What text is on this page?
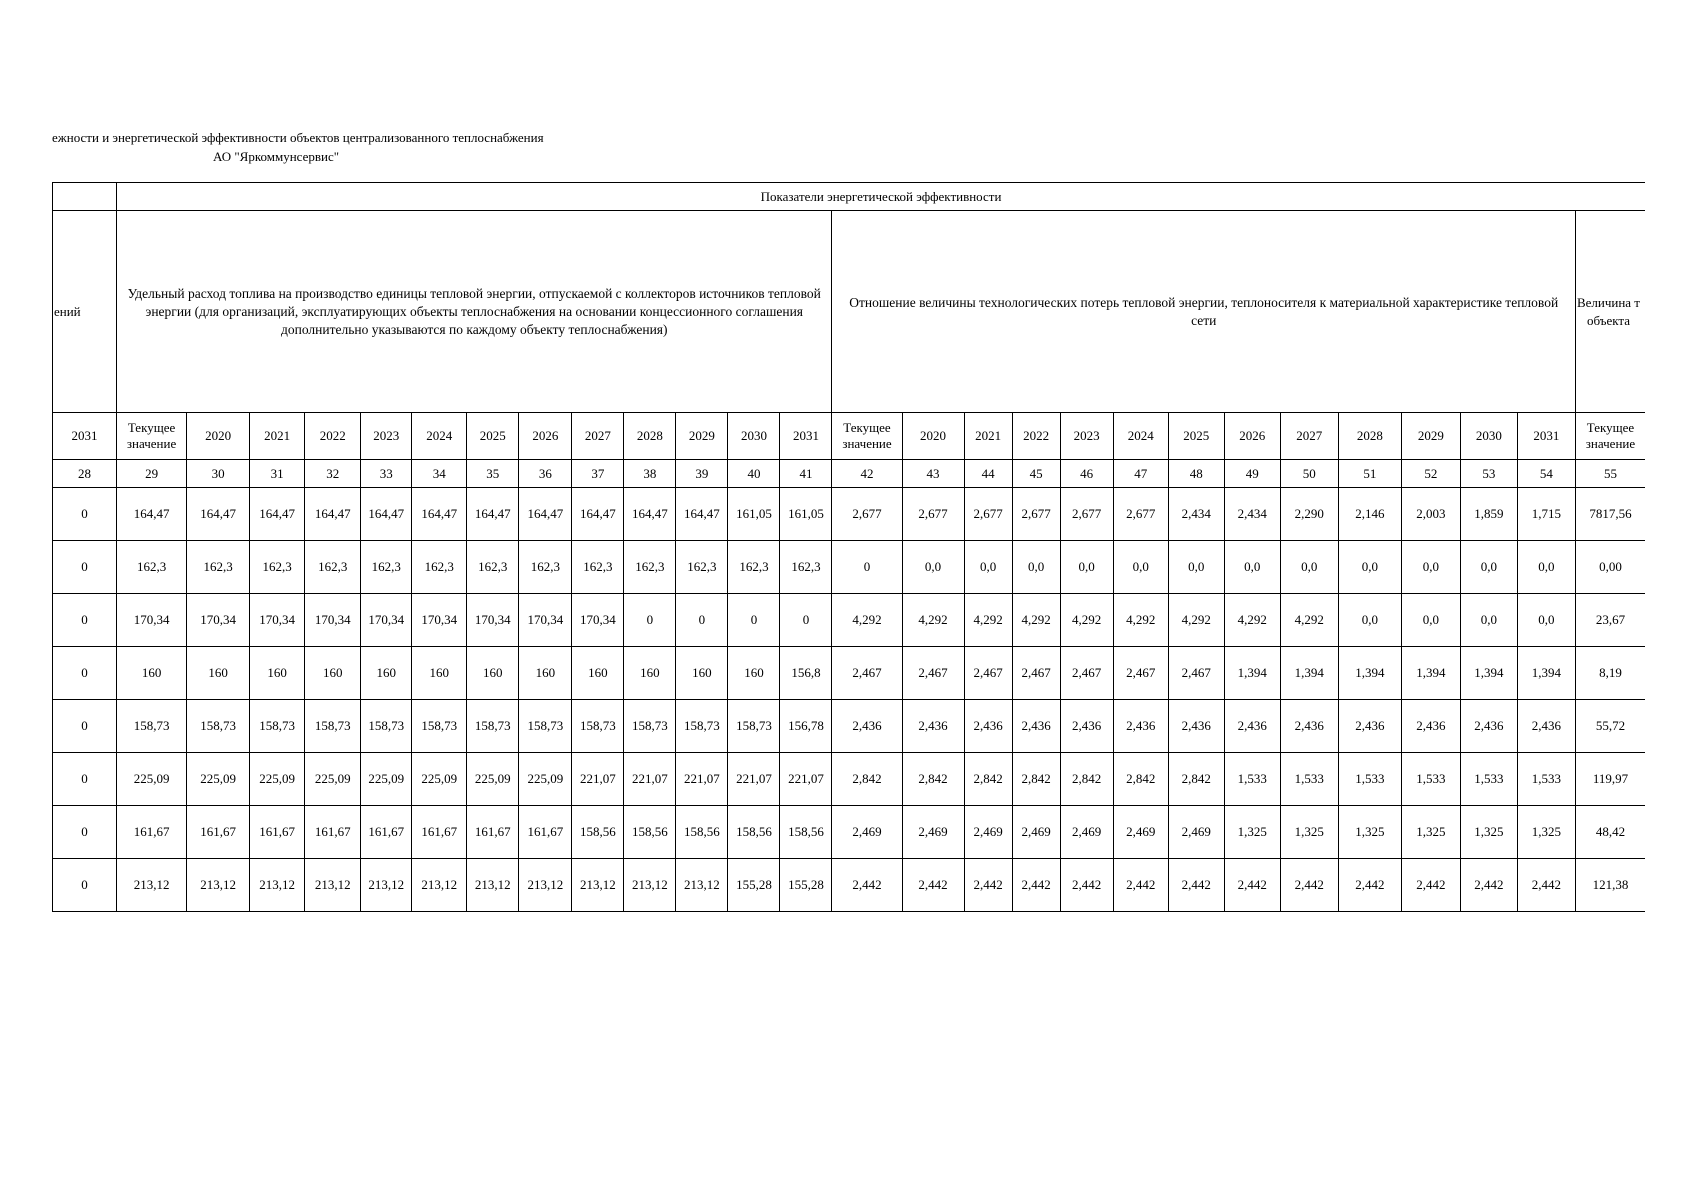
ежности и энергетической эффективности объектов централизованного теплоснабжения
АО "Яркоммунсервис"
	Показатели энергетической эффективности																										
ений	Удельный расход топлива на производство единицы тепловой энергии, отпускаемой с коллекторов источников тепловой энергии (для организаций, эксплуатирующих объекты теплоснабжения на основании концессионного соглашения дополнительно указываются по каждому объекту теплоснабжения)													Отношение величины технологических потерь тепловой энергии, теплоносителя к материальной характеристике тепловой сети													Величина т
объекта

2031	Текущее значение	2020	2021	2022	2023	2024	2025	2026	2027	2028	2029	2030	2031	Текущее значение	2020	2021	2022	2023	2024	2025	2026	2027	2028	2029	2030	2031	Текущее значение
28	29	30	31	32	33	34	35	36	37	38	39	40	41	42	43	44	45	46	47	48	49	50	51	52	53	54	55
0	164,47	164,47	164,47	164,47	164,47	164,47	164,47	164,47	164,47	164,47	164,47	161,05	161,05	2,677	2,677	2,677	2,677	2,677	2,677	2,434	2,434	2,290	2,146	2,003	1,859	1,715	7817,56
0	162,3	162,3	162,3	162,3	162,3	162,3	162,3	162,3	162,3	162,3	162,3	162,3	162,3	0	0,0	0,0	0,0	0,0	0,0	0,0	0,0	0,0	0,0	0,0	0,0	0,0	0,00
0	170,34	170,34	170,34	170,34	170,34	170,34	170,34	170,34	170,34	0	0	0	0	4,292	4,292	4,292	4,292	4,292	4,292	4,292	4,292	4,292	0,0	0,0	0,0	0,0	23,67
0	160	160	160	160	160	160	160	160	160	160	160	160	156,8	2,467	2,467	2,467	2,467	2,467	2,467	2,467	1,394	1,394	1,394	1,394	1,394	1,394	8,19
0	158,73	158,73	158,73	158,73	158,73	158,73	158,73	158,73	158,73	158,73	158,73	158,73	156,78	2,436	2,436	2,436	2,436	2,436	2,436	2,436	2,436	2,436	2,436	2,436	2,436	2,436	55,72
0	225,09	225,09	225,09	225,09	225,09	225,09	225,09	225,09	221,07	221,07	221,07	221,07	221,07	2,842	2,842	2,842	2,842	2,842	2,842	2,842	1,533	1,533	1,533	1,533	1,533	1,533	119,97
0	161,67	161,67	161,67	161,67	161,67	161,67	161,67	161,67	158,56	158,56	158,56	158,56	158,56	2,469	2,469	2,469	2,469	2,469	2,469	2,469	1,325	1,325	1,325	1,325	1,325	1,325	48,42
0	213,12	213,12	213,12	213,12	213,12	213,12	213,12	213,12	213,12	213,12	213,12	155,28	155,28	2,442	2,442	2,442	2,442	2,442	2,442	2,442	2,442	2,442	2,442	2,442	2,442	2,442	121,38
